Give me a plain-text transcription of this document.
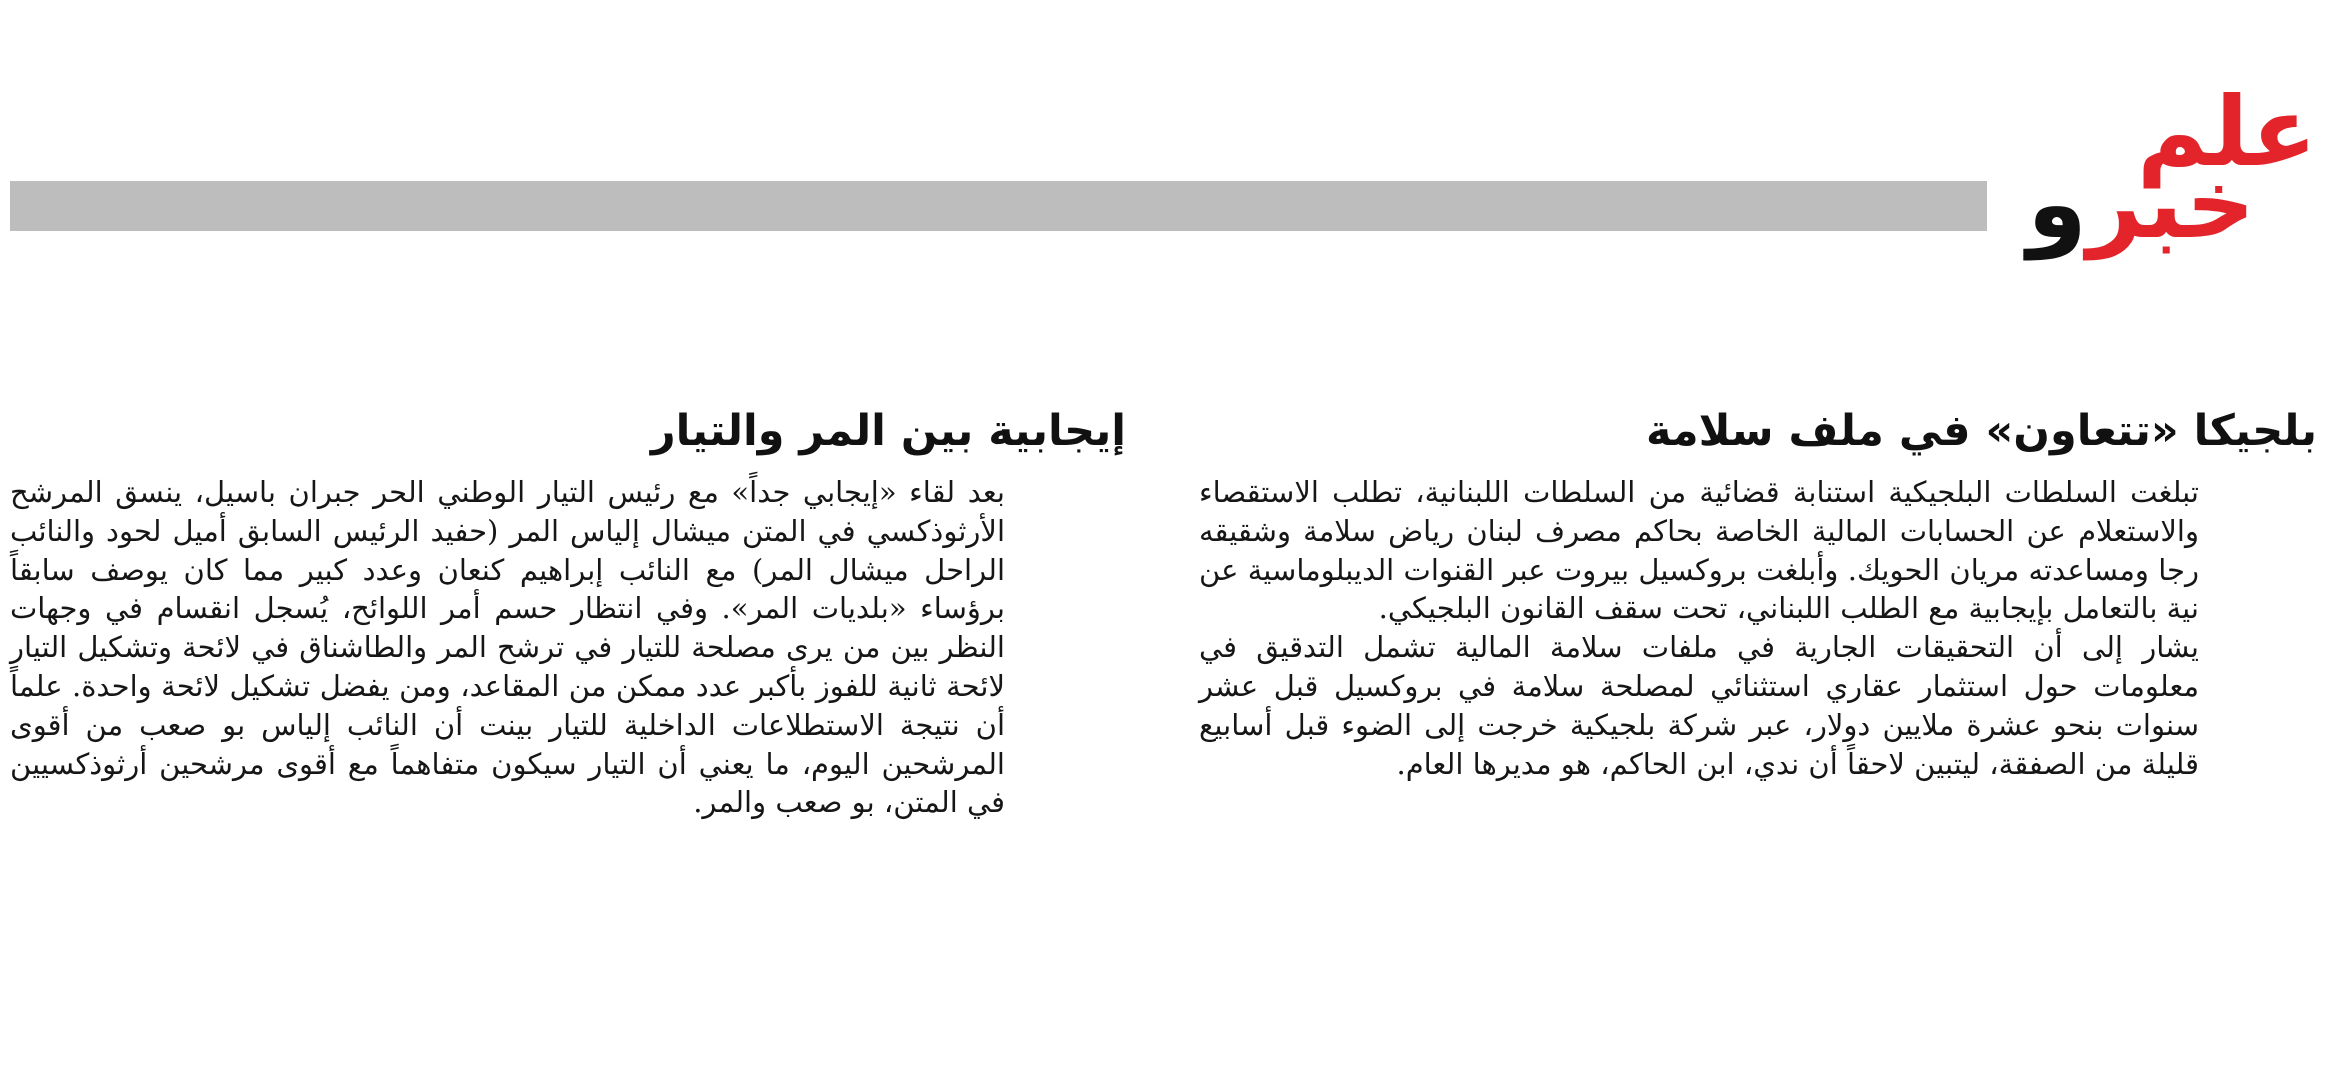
علم
خبرو
بلجيكا «تتعاون» في ملف سلامة

تبلغت السلطات البلجيكية استنابة قضائية من السلطات اللبنانية، تطلب الاستقصاء والاستعلام عن الحسابات المالية الخاصة بحاكم مصرف لبنان رياض سلامة وشقيقه رجا ومساعدته مريان الحويك. وأبلغت بروكسيل بيروت عبر القنوات الديبلوماسية عن نية بالتعامل بإيجابية مع الطلب اللبناني، تحت سقف القانون البلجيكي.

يشار إلى أن التحقيقات الجارية في ملفات سلامة المالية تشمل التدقيق في معلومات حول استثمار عقاري استثنائي لمصلحة سلامة في بروكسيل قبل عشر سنوات بنحو عشرة ملايين دولار، عبر شركة بلجيكية خرجت إلى الضوء قبل أسابيع قليلة من الصفقة، ليتبين لاحقاً أن ندي، ابن الحاكم، هو مديرها العام.

إيجابية بين المر والتيار

بعد لقاء «إيجابي جداً» مع رئيس التيار الوطني الحر جبران باسيل، ينسق المرشح الأرثوذكسي في المتن ميشال إلياس المر (حفيد الرئيس السابق أميل لحود والنائب الراحل ميشال المر) مع النائب إبراهيم كنعان وعدد كبير مما كان يوصف سابقاً برؤساء «بلديات المر». وفي انتظار حسم أمر اللوائح، يُسجل انقسام في وجهات النظر بين من يرى مصلحة للتيار في ترشح المر والطاشناق في لائحة وتشكيل التيار لائحة ثانية للفوز بأكبر عدد ممكن من المقاعد، ومن يفضل تشكيل لائحة واحدة. علماً أن نتيجة الاستطلاعات الداخلية للتيار بينت أن النائب إلياس بو صعب من أقوى المرشحين اليوم، ما يعني أن التيار سيكون متفاهماً مع أقوى مرشحين أرثوذكسيين في المتن، بو صعب والمر.
